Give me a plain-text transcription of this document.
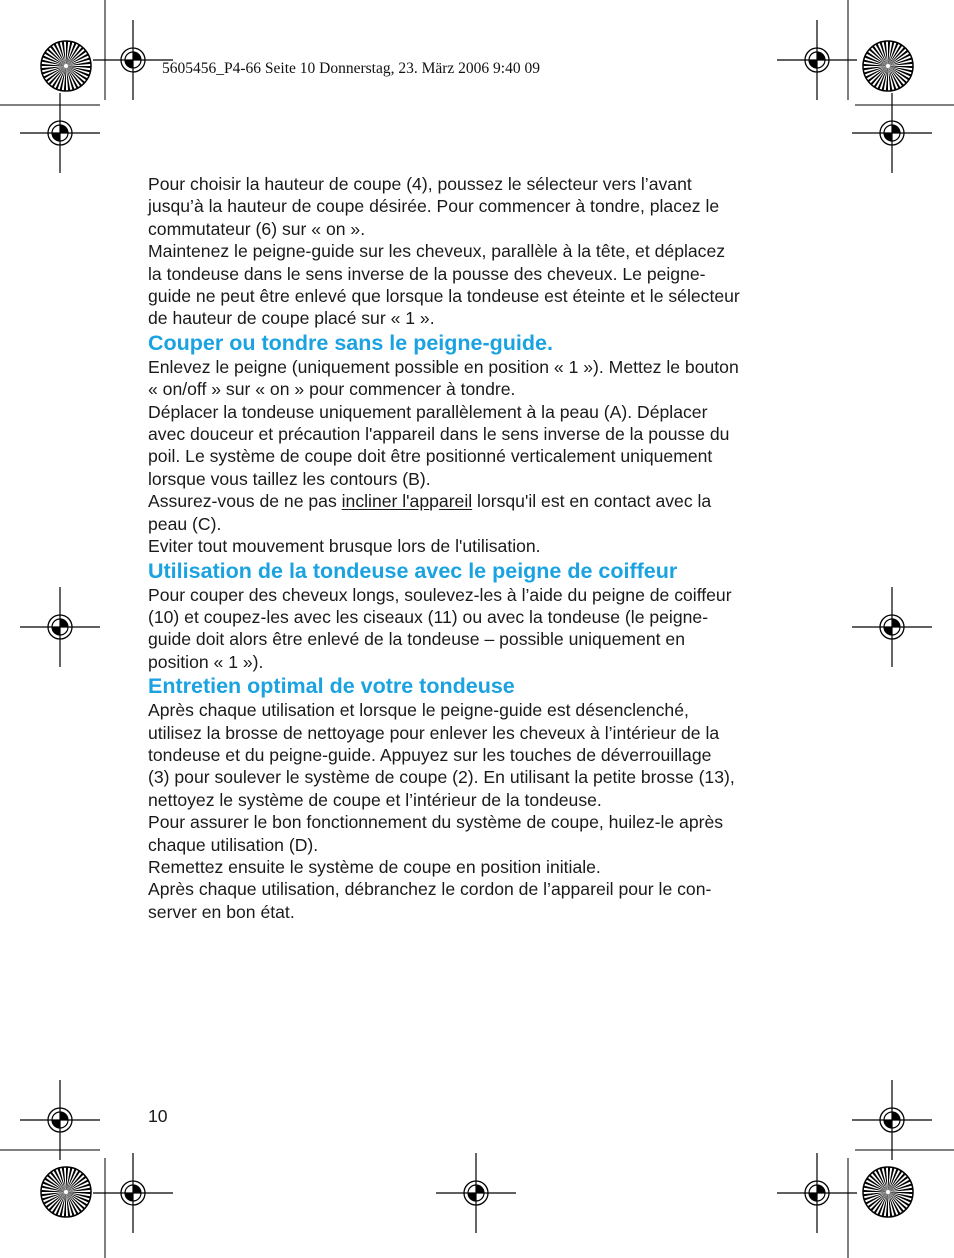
5605456_P4-66 Seite 10 Donnerstag, 23. März 2006 9:40 09

Pour choisir la hauteur de coupe (4), poussez le sélecteur vers l’avant
jusqu’à la hauteur de coupe désirée. Pour commencer à tondre, placez le
commutateur (6) sur « on ».
Maintenez le peigne-guide sur les cheveux, parallèle à la tête, et déplacez
la tondeuse dans le sens inverse de la pousse des cheveux. Le peigne-
guide ne peut être enlevé que lorsque la tondeuse est éteinte et le sélecteur
de hauteur de coupe placé sur « 1 ».

Couper ou tondre sans le peigne-guide.

Enlevez le peigne (uniquement possible en position « 1 »). Mettez le bouton
« on/off » sur « on » pour commencer à tondre.
Déplacer la tondeuse uniquement parallèlement à la peau (A). Déplacer
avec douceur et précaution l'appareil dans le sens inverse de la pousse du
poil. Le système de coupe doit être positionné verticalement uniquement
lorsque vous taillez les contours (B).
Assurez-vous de ne pas incliner l'appareil lorsqu'il est en contact avec la
peau (C).
Eviter tout mouvement brusque lors de l'utilisation.

Utilisation de la tondeuse avec le peigne de coiffeur

Pour couper des cheveux longs, soulevez-les à l’aide du peigne de coiffeur
(10) et coupez-les avec les ciseaux (11) ou avec la tondeuse (le peigne-
guide doit alors être enlevé de la tondeuse – possible uniquement en
position « 1 »).

Entretien optimal de votre tondeuse

Après chaque utilisation et lorsque le peigne-guide est désenclenché,
utilisez la brosse de nettoyage pour enlever les cheveux à l’intérieur de la
tondeuse et du peigne-guide. Appuyez sur les touches de déverrouillage
(3) pour soulever le système de coupe (2). En utilisant la petite brosse (13),
nettoyez le système de coupe et l’intérieur de la tondeuse.
Pour assurer le bon fonctionnement du système de coupe, huilez-le après
chaque utilisation (D).
Remettez ensuite le système de coupe en position initiale.
Après chaque utilisation, débranchez le cordon de l’appareil pour le con-
server en bon état.

10
